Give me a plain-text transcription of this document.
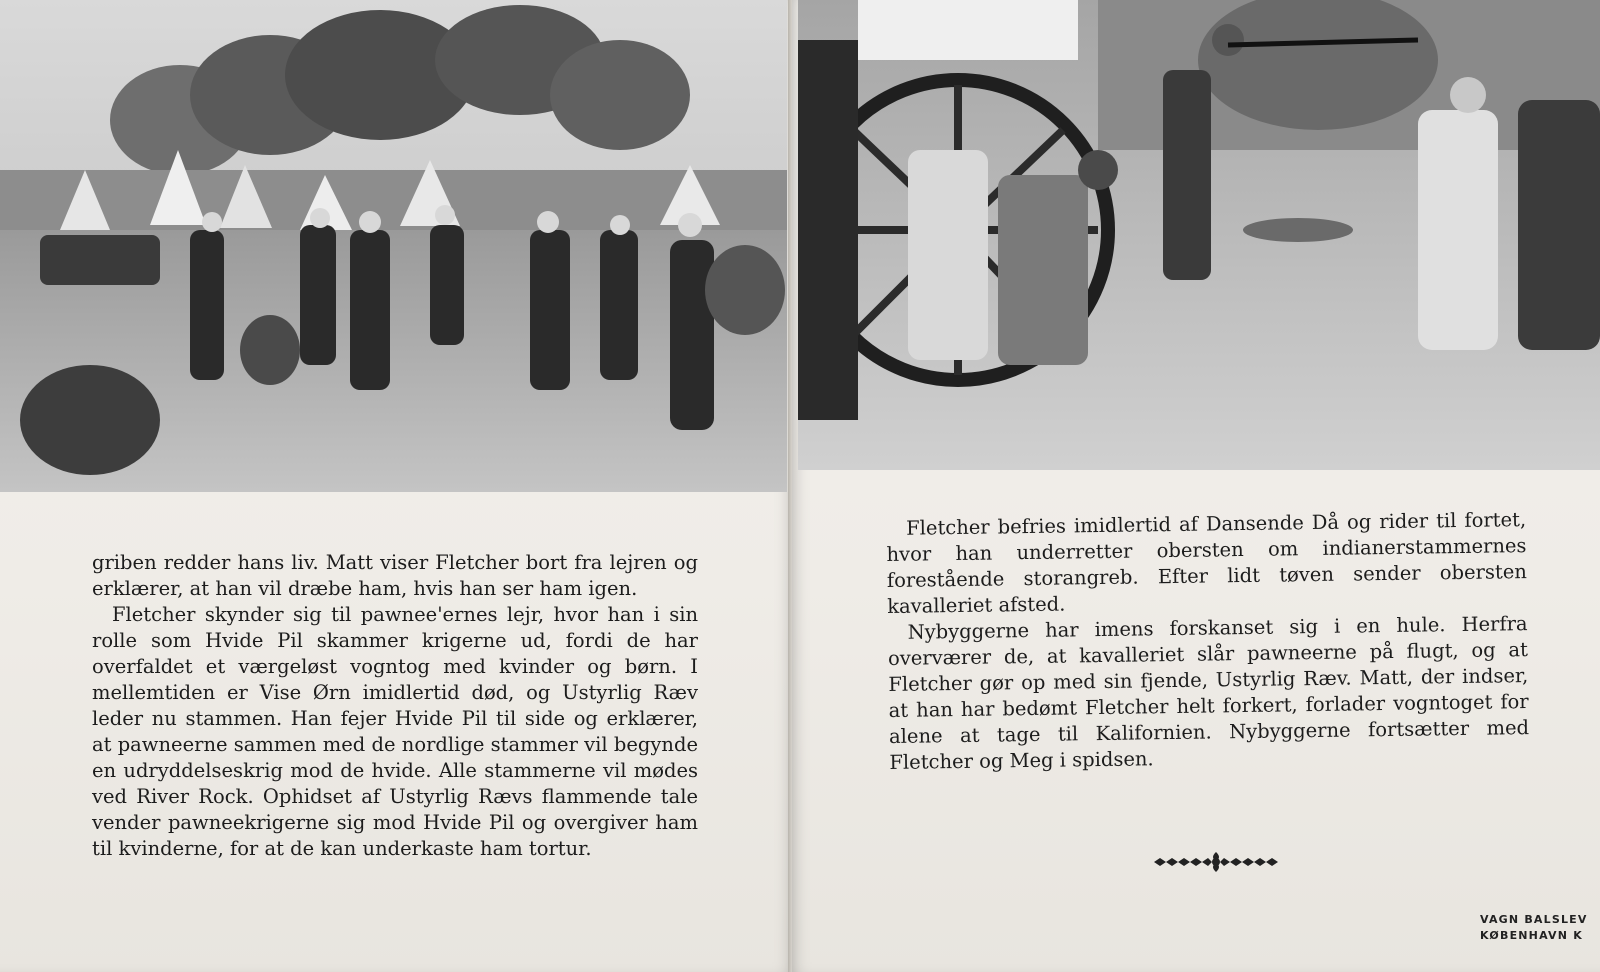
griben redder hans liv. Matt viser Fletcher bort fra lejren og erklærer, at han vil dræbe ham, hvis han ser ham igen.

Fletcher skynder sig til pawnee'ernes lejr, hvor han i sin rolle som Hvide Pil skammer krigerne ud, fordi de har overfaldet et værgeløst vogntog med kvinder og børn. I mellemtiden er Vise Ørn imidlertid død, og Ustyrlig Ræv leder nu stammen. Han fejer Hvide Pil til side og erklærer, at pawneerne sammen med de nordlige stammer vil begynde en udryddelseskrig mod de hvide. Alle stammerne vil mødes ved River Rock. Ophidset af Ustyrlig Rævs flammende tale vender pawneekrigerne sig mod Hvide Pil og overgiver ham til kvinderne, for at de kan underkaste ham tortur.

Fletcher befries imidlertid af Dansende Då og rider til fortet, hvor han underretter obersten om indianerstammernes forestående storangreb. Efter lidt tøven sender obersten kavalleriet afsted.

Nybyggerne har imens forskanset sig i en hule. Herfra overværer de, at kavalleriet slår pawneerne på flugt, og at Fletcher gør op med sin fjende, Ustyrlig Ræv. Matt, der indser, at han har bedømt Fletcher helt forkert, forlader vogntoget for alene at tage til Kalifornien. Nybyggerne fortsætter med Fletcher og Meg i spidsen.

VAGN BALSLEV
KØBENHAVN K
